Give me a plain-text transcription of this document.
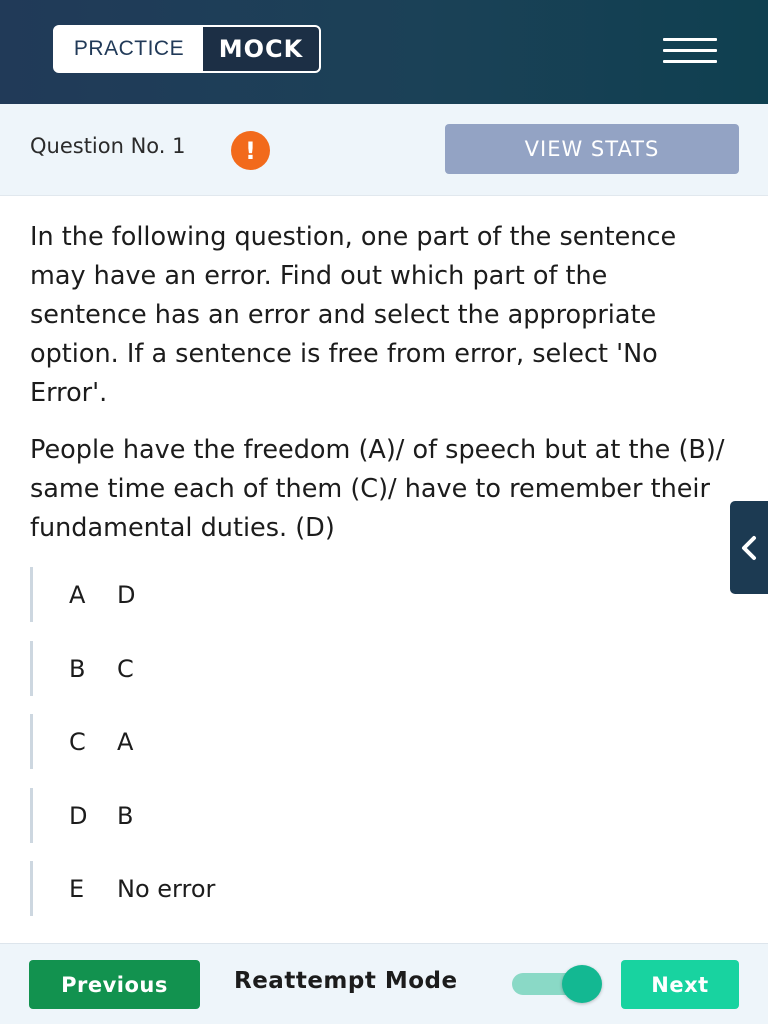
PRACTICE	MOCK
Question No. 1	!	VIEW STATS

In the following question, one part of the sentence may have an error. Find out which part of the sentence has an error and select the appropriate option. If a sentence is free from error, select 'No Error'.

People have the freedom (A)/ of speech but at the (B)/ same time each of them (C)/ have to remember their fundamental duties. (D)

A	D
B	C
C	A
D	B
E	No error
Previous	Reattempt Mode	Next
